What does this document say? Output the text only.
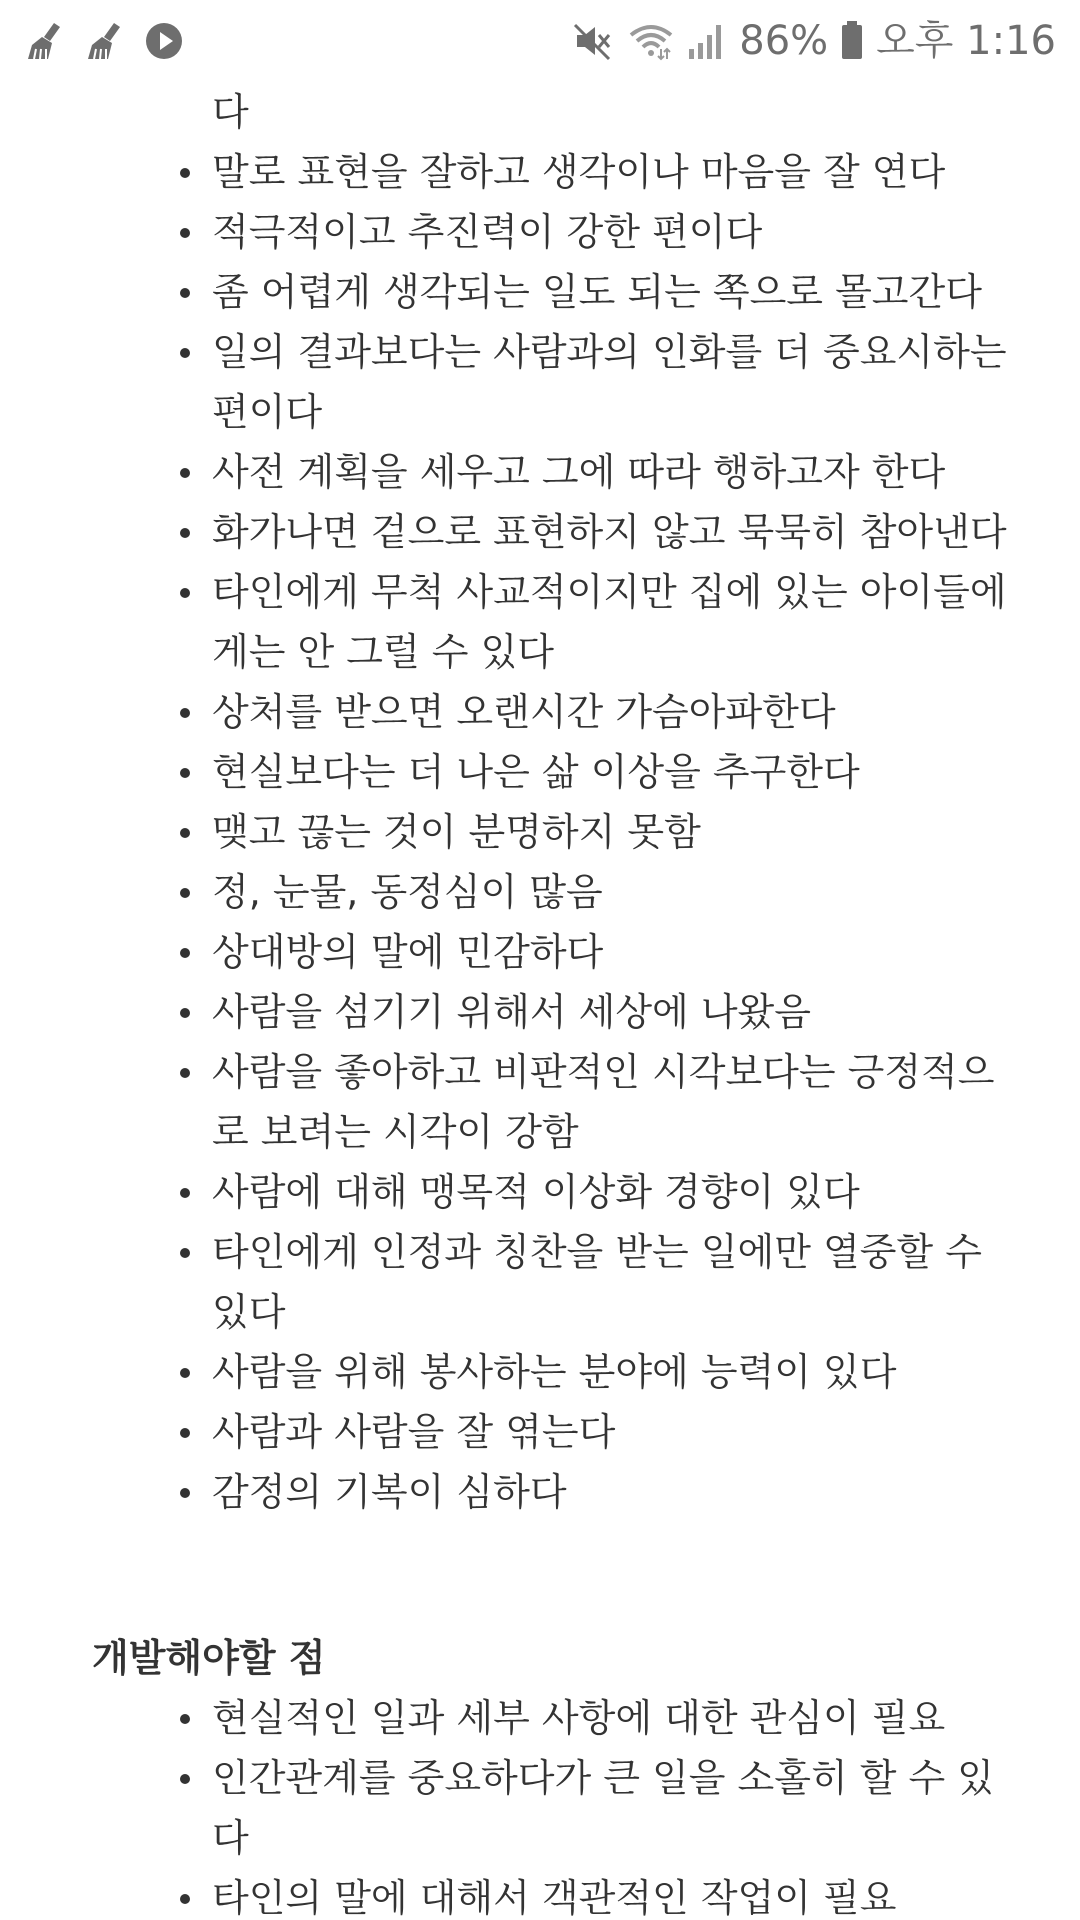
86% 오후 1:16
다
말로 표현을 잘하고 생각이나 마음을 잘 연다
적극적이고 추진력이 강한 편이다
좀 어렵게 생각되는 일도 되는 쪽으로 몰고간다
일의 결과보다는 사람과의 인화를 더 중요시하는 편이다
사전 계획을 세우고 그에 따라 행하고자 한다
화가나면 겉으로 표현하지 않고 묵묵히 참아낸다
타인에게 무척 사교적이지만 집에 있는 아이들에게는 안 그럴 수 있다
상처를 받으면 오랜시간 가슴아파한다
현실보다는 더 나은 삶 이상을 추구한다
맺고 끊는 것이 분명하지 못함
정, 눈물, 동정심이 많음
상대방의 말에 민감하다
사람을 섬기기 위해서 세상에 나왔음
사람을 좋아하고 비판적인 시각보다는 긍정적으로 보려는 시각이 강함
사람에 대해 맹목적 이상화 경향이 있다
타인에게 인정과 칭찬을 받는 일에만 열중할 수 있다
사람을 위해 봉사하는 분야에 능력이 있다
사람과 사람을 잘 엮는다
감정의 기복이 심하다
개발해야할 점
현실적인 일과 세부 사항에 대한 관심이 필요
인간관계를 중요하다가 큰 일을 소홀히 할 수 있다
타인의 말에 대해서 객관적인 작업이 필요
